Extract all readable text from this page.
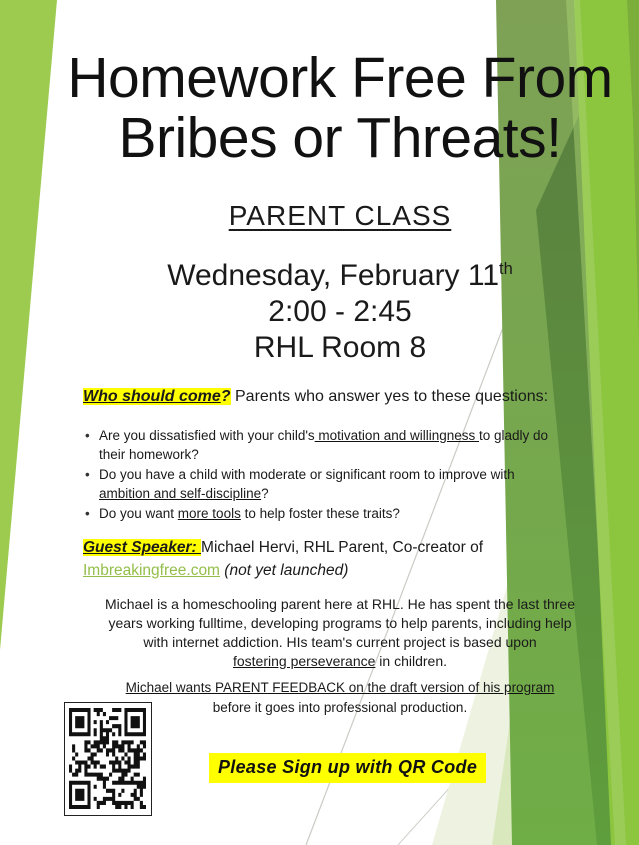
Homework Free From
Bribes or Threats!
PARENT CLASS
Wednesday, February 11th
2:00 - 2:45
RHL Room 8
Who should come? Parents who answer yes to these questions:
• Are you dissatisfied with your child's motivation and willingness to gladly do
their homework?
• Do you have a child with moderate or significant room to improve with
ambition and self-discipline?
• Do you want more tools to help foster these traits?
Guest Speaker: Michael Hervi, RHL Parent, Co-creator of
Imbreakingfree.com (not yet launched)
Michael is a homeschooling parent here at RHL. He has spent the last three
years working fulltime, developing programs to help parents, including help
with internet addiction. HIs team's current project is based upon
fostering perseverance in children.
Michael wants PARENT FEEDBACK on the draft version of his program
before it goes into professional production.
Please Sign up with QR Code
